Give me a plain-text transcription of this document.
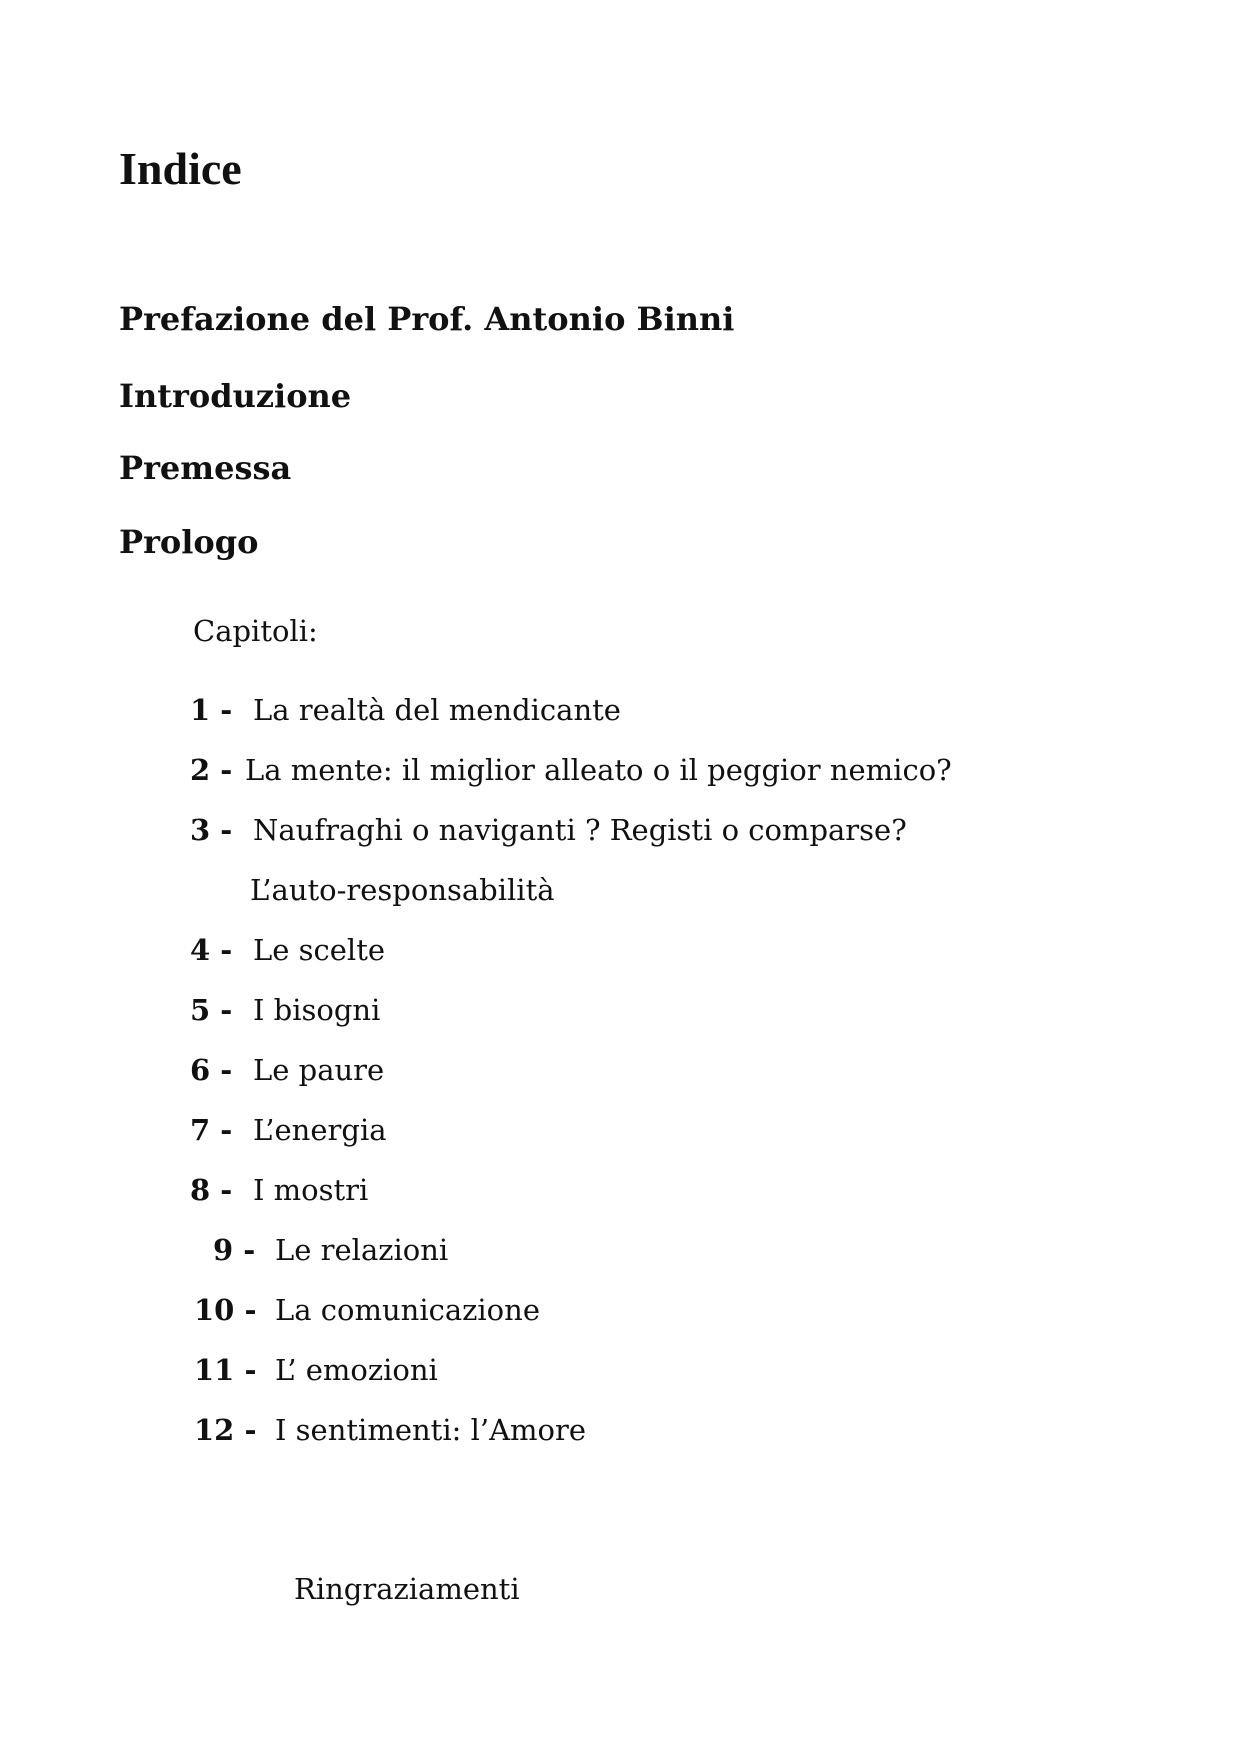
Indice

Prefazione del Prof. Antonio Binni

Introduzione

Premessa

Prologo

Capitoli:

1 - La realtà del mendicante
2 - La mente: il miglior alleato o il peggior nemico?
3 - Naufraghi o naviganti ? Registi o comparse?
L’auto-responsabilità
4 - Le scelte
5 - I bisogni
6 - Le paure
7 - L’energia
8 - I mostri
9 - Le relazioni
10 - La comunicazione
11 - L’ emozioni
12 - I sentimenti: l’Amore

Ringraziamenti
